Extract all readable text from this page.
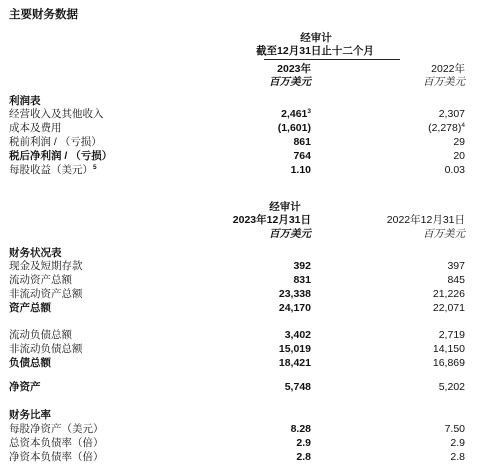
主要财务数据
经审计
截至12月31日止十二个月
2023年	2022年
百万美元	百万美元
利润表
经营收入及其他收入	2,461$^3$	2,307
成本及费用	(1,601)	$(2,278)^4$
税前利润 / （亏损）	861	29
税后净利润 / （亏损）	764	20
每股收益（美元）$^5$	1.10	0.03
经审计
2023年12月31日	2022年12月31日
百万美元	百万美元
财务状况表
现金及短期存款	392	397
流动资产总额	831	845
非流动资产总额	23,338	21,226
资产总额	24,170	22,071
流动负债总额	3,402	2,719
非流动负债总额	15,019	14,150
负债总额	18,421	16,869
净资产	5,748	5,202
财务比率
每股净资产（美元）	8.28	7.50
总资本负债率（倍）	2.9	2.9
净资本负债率（倍）	2.8	2.8
